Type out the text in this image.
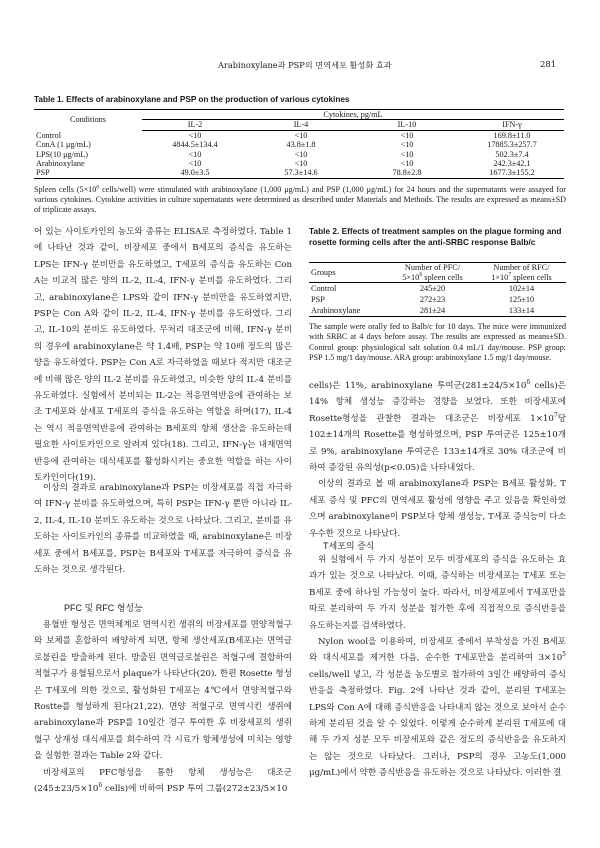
Arabinoxylane과 PSP의 면역세포 활성화 효과	281
Table 1. Effects of arabinoxylane and PSP on the production of various cytokines
Conditions	Cytokines, pg/mL			
	IL-2	IL-4	IL-10	IFN-γ
Control	<10	<10	<10	169.8±11.0
ConA (1 μg/mL)	4844.5±134.4	43.8±1.8	<10	17885.3±257.7
LPS(10 μg/mL)	<10	<10	<10	502.3±7.4
Arabinoxylane	<10	<10	<10	242.3±42.1
PSP	49.0±3.5	57.3±14.6	78.8±2.8	1677.3±155.2
Spleen cells ($5\times 10^6$ cells/well) were stimulated with arabinoxylane (1,000 μg/mL) and PSP (1,000 μg/mL) for 24 hours and the supernatants were assayed for various cytokines. Cytokine activities in culture supernatants were determined as described under Materials and Methods. The results are expressed as means±SD of triplicate assays.

어 있는 사이토카인의 농도와 종류는 ELISA로 측정하였다. Table 1에 나타난 것과 같이, 비장세포 중에서 B세포의 증식을 유도하는 LPS는 IFN-γ 분비만을 유도하였고, T세포의 증식을 유도하는 Con A는 비교적 많은 양의 IL-2, IL-4, IFN-γ 분비를 유도하였다. 그리고, arabinoxylane은 LPS와 같이 IFN-γ 분비만을 유도하였지만, PSP는 Con A와 같이 IL-2, IL-4, IFN-γ 분비를 유도하였다. 그리고, IL-10의 분비도 유도하였다. 무처리 대조군에 비해, IFN-γ 분비의 경우에 arabinoxylane은 약 1.4배, PSP는 약 10배 정도의 많은 양을 유도하였다. PSP는 Con A로 자극하였을 때보다 적지만 대조군에 비해 많은 양의 IL-2 분비를 유도하였고, 비슷한 양의 IL-4 분비를 유도하였다. 실험에서 분비되는 IL-2는 적응면역반응에 관여하는 보조 T세포와 살세포 T세포의 증식을 유도하는 역할을 하며(17), IL-4는 역시 적응면역반응에 관여하는 B세포의 항체 생산을 유도하는데 필요한 사이토카인으로 알려져 있다(18). 그리고, IFN-γ는 내재면역반응에 관여하는 대식세포를 활성화시키는 중요한 역할을 하는 사이토카인이다(19).

이상의 결과로 arabinoxylane과 PSP는 비장세포를 직접 자극하여 IFN-γ 분비를 유도하였으며, 특히 PSP는 IFN-γ 뿐만 아니라 IL-2, IL-4, IL-10 분비도 유도하는 것으로 나타났다. 그리고, 분비를 유도하는 사이토카인의 종류를 비교하였을 때, arabinoxylane은 비장세포 중에서 B세포를, PSP는 B세포와 T세포를 자극하여 증식을 유도하는 것으로 생각된다.

PFC 및 RFC 형성능

용혈반 형성은 면역체계로 면역시킨 생쥐의 비장세포를 면양적혈구와 보체를 혼합하여 배양하게 되면, 항체 생산세포(B세포)는 면역글로불린을 방출하게 된다. 방출된 면역글로불린은 적혈구에 결합하여 적혈구가 용혈됨으로서 plaque가 나타난다(20). 한편 Rosette 형성은 T세포에 의한 것으로, 활성화된 T세포는 4℃에서 면양적혈구와 Rostte를 형성하게 된다(21,22). 면양 적혈구로 면역시킨 생쥐에 arabinoxylane과 PSP를 10일간 경구 투여한 후 비장세포의 생쥐혈구 상재성 대식세포를 회수하여 각 시료가 항체생성에 미치는 영향을 실험한 결과는 Table 2와 같다.

비장세포의 PFC형성을 통한 항체 생성능은 대조군($245\pm 23/5\times 10^6$ cells)에 비하여 PSP 투여 그룹(272±23/5×10

Table 2. Effects of treatment samples on the plague forming and rosette forming cells after the anti-SRBC response Balb/c
Groups	Number of PFC/
$5\times 10^6$ spleen cells	Number of RFC/
$1\times 10^7$ spleen cells
Control	245±20	102±14
PSP	272±23	125±10
Arabinoxylane	281±24	133±14
The sample were orally fed to Balb/c for 10 days. The mice were immunized with SRBC at 4 days before assay. The results are expressed as means±SD. Control group: physiological salt solution 0.4 mL/1 day/mouse. PSP group: PSP 1.5 mg/1 day/mouse. ARA group: arabinoxylane 1.5 mg/1 day/mouse.

cells)은 11%, arabinoxylane 투여군($281\pm 24/5\times 10^6$ cells)은 14% 항체 생성능 증강하는 경향을 보였다. 또한 비장세포에 Rosette형성을 관찰한 결과는 대조군은 비장세포 $1\times 10^7$당 102±14개의 Rosette를 형성하였으며, PSP 투여군은 125±10개로 9%, arabinoxylane 투여군은 133±14개로 30% 대조군에 비하여 증강된 유의성(p<0.05)을 나타내었다.

이상의 결과로 볼 때 arabinoxylane과 PSP는 B세포 활성화, T세포 증식 및 PFC의 면역세포 활성에 영향을 주고 있음을 확인하였으며 arabinoxylane이 PSP보다 항체 생성능, T세포 증식능이 다소 우수한 것으로 나타났다.

T세포의 증식

위 실험에서 두 가지 성분이 모두 비장세포의 증식을 유도하는 효과가 있는 것으로 나타났다. 이때, 증식하는 비장세포는 T세포 또는 B세포 중에 하나일 가능성이 높다. 따라서, 비장세포에서 T세포만을 따로 분리하여 두 가지 성분을 첨가한 후에 직접적으로 증식반응을 유도하는지를 검색하였다.

Nylon wool을 이용하여, 비장세포 중에서 부착성을 가진 B세포와 대식세포를 제거한 다음, 순수한 T세포만을 분리하여 $3\times 10^5$ cells/well 넣고, 각 성분을 농도별로 첨가하여 3일간 배양하여 증식반응을 측정하였다. Fig. 2에 나타난 것과 같이, 분리된 T세포는 LPS와 Con A에 대해 증식반응을 나타내지 않는 것으로 보아서 순수하게 분리된 것을 알 수 있었다. 이렇게 순수하게 분리된 T세포에 대해 두 가지 성분 모두 비장세포와 같은 정도의 증식반응을 유도하지는 않는 것으로 나타났다. 그러나, PSP의 경우 고농도(1,000 μg/mL)에서 약한 증식반응을 유도하는 것으로 나타났다. 이러한 결
